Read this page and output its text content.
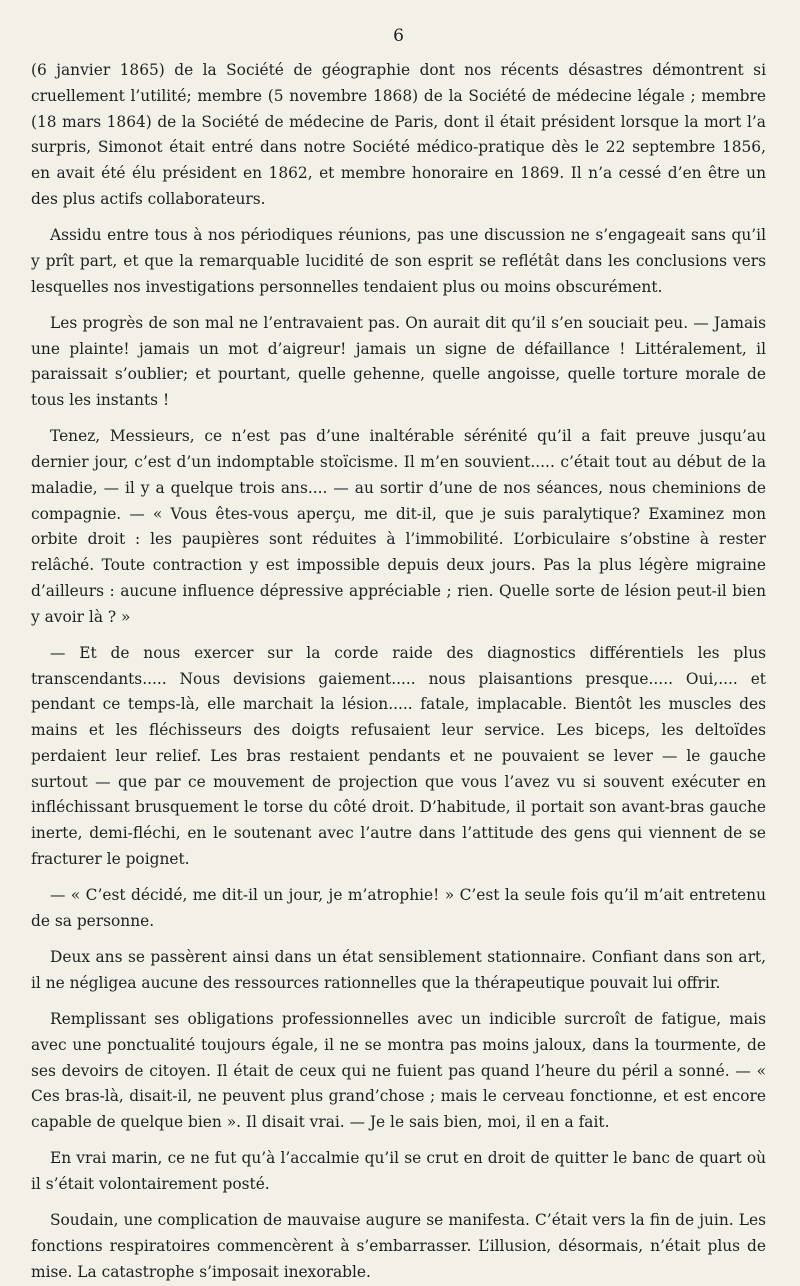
6

(6 janvier 1865) de la Société de géographie dont nos récents désastres démontrent si cruellement l’utilité; membre (5 novembre 1868) de la Société de médecine légale ; membre (18 mars 1864) de la Société de médecine de Paris, dont il était président lorsque la mort l’a surpris, Simonot était entré dans notre Société médico-pratique dès le 22 septembre 1856, en avait été élu président en 1862, et membre honoraire en 1869. Il n’a cessé d’en être un des plus actifs collaborateurs.

Assidu entre tous à nos périodiques réunions, pas une discussion ne s’engageait sans qu’il y prît part, et que la remarquable lucidité de son esprit se reflétât dans les conclusions vers lesquelles nos investigations personnelles tendaient plus ou moins obscurément.

Les progrès de son mal ne l’entravaient pas. On aurait dit qu’il s’en souciait peu. — Jamais une plainte! jamais un mot d’aigreur! jamais un signe de défaillance ! Littéralement, il paraissait s’oublier; et pourtant, quelle gehenne, quelle angoisse, quelle torture morale de tous les instants !

Tenez, Messieurs, ce n’est pas d’une inaltérable sérénité qu’il a fait preuve jusqu’au dernier jour, c’est d’un indomptable stoïcisme. Il m’en souvient..... c’était tout au début de la maladie, — il y a quelque trois ans.... — au sortir d’une de nos séances, nous cheminions de compagnie. — « Vous êtes-vous aperçu, me dit-il, que je suis paralytique? Examinez mon orbite droit : les paupières sont réduites à l’immobilité. L’orbiculaire s’obstine à rester relâché. Toute contraction y est impossible depuis deux jours. Pas la plus légère migraine d’ailleurs : aucune influence dépressive appréciable ; rien. Quelle sorte de lésion peut-il bien y avoir là ? »

— Et de nous exercer sur la corde raide des diagnostics différentiels les plus transcendants..... Nous devisions gaiement..... nous plaisantions presque..... Oui,.... et pendant ce temps-là, elle marchait la lésion..... fatale, implacable. Bientôt les muscles des mains et les fléchisseurs des doigts refusaient leur service. Les biceps, les deltoïdes perdaient leur relief. Les bras restaient pendants et ne pouvaient se lever — le gauche surtout — que par ce mouvement de projection que vous l’avez vu si souvent exécuter en infléchissant brusquement le torse du côté droit. D’habitude, il portait son avant-bras gauche inerte, demi-fléchi, en le soutenant avec l’autre dans l’attitude des gens qui viennent de se fracturer le poignet.

— « C’est décidé, me dit-il un jour, je m’atrophie! » C’est la seule fois qu’il m’ait entretenu de sa personne.

Deux ans se passèrent ainsi dans un état sensiblement stationnaire. Confiant dans son art, il ne négligea aucune des ressources rationnelles que la thérapeutique pouvait lui offrir.

Remplissant ses obligations professionnelles avec un indicible surcroît de fatigue, mais avec une ponctualité toujours égale, il ne se montra pas moins jaloux, dans la tourmente, de ses devoirs de citoyen. Il était de ceux qui ne fuient pas quand l’heure du péril a sonné. — « Ces bras-là, disait-il, ne peuvent plus grand’chose ; mais le cerveau fonctionne, et est encore capable de quelque bien ». Il disait vrai. — Je le sais bien, moi, il en a fait.

En vrai marin, ce ne fut qu’à l’accalmie qu’il se crut en droit de quitter le banc de quart où il s’était volontairement posté.

Soudain, une complication de mauvaise augure se manifesta. C’était vers la fin de juin. Les fonctions respiratoires commencèrent à s’embarrasser. L’illusion, désormais, n’était plus de mise. La catastrophe s’imposait inexorable.
